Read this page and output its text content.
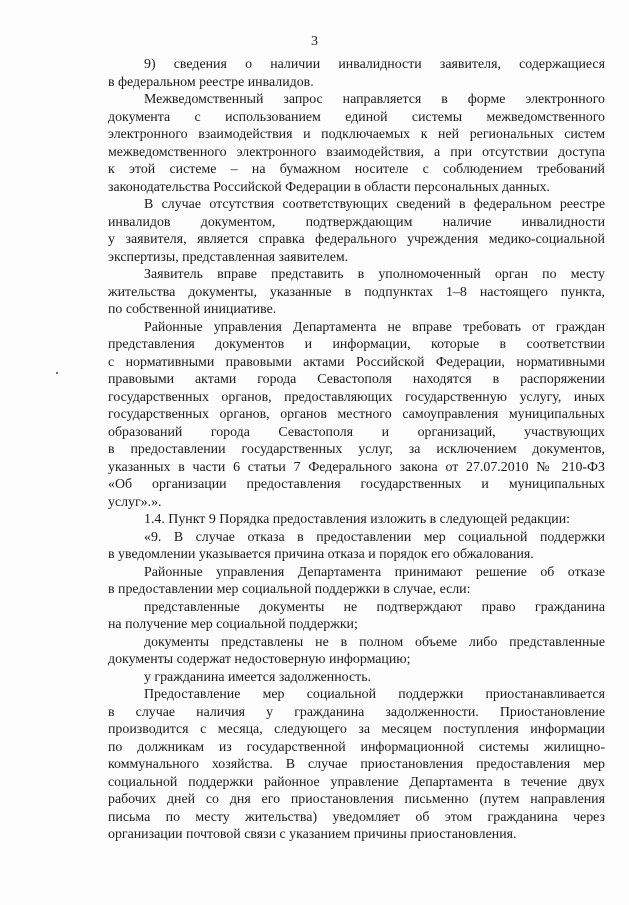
3
9) сведения о наличии инвалидности заявителя, содержащиеся
в федеральном реестре инвалидов.
Межведомственный запрос направляется в форме электронного
документа с использованием единой системы межведомственного
электронного взаимодействия и подключаемых к ней региональных систем
межведомственного электронного взаимодействия, а при отсутствии доступа
к этой системе – на бумажном носителе с соблюдением требований
законодательства Российской Федерации в области персональных данных.
В случае отсутствия соответствующих сведений в федеральном реестре
инвалидов документом, подтверждающим наличие инвалидности
у заявителя, является справка федерального учреждения медико-социальной
экспертизы, представленная заявителем.
Заявитель вправе представить в уполномоченный орган по месту
жительства документы, указанные в подпунктах 1–8 настоящего пункта,
по собственной инициативе.
Районные управления Департамента не вправе требовать от граждан
представления документов и информации, которые в соответствии
с нормативными правовыми актами Российской Федерации, нормативными
правовыми актами города Севастополя находятся в распоряжении
государственных органов, предоставляющих государственную услугу, иных
государственных органов, органов местного самоуправления муниципальных
образований города Севастополя и организаций, участвующих
в предоставлении государственных услуг, за исключением документов,
указанных в части 6 статьи 7 Федерального закона от 27.07.2010 № 210-ФЗ
«Об организации предоставления государственных и муниципальных
услуг».».
1.4. Пункт 9 Порядка предоставления изложить в следующей редакции:
«9. В случае отказа в предоставлении мер социальной поддержки
в уведомлении указывается причина отказа и порядок его обжалования.
Районные управления Департамента принимают решение об отказе
в предоставлении мер социальной поддержки в случае, если:
представленные документы не подтверждают право гражданина
на получение мер социальной поддержки;
документы представлены не в полном объеме либо представленные
документы содержат недостоверную информацию;
у гражданина имеется задолженность.
Предоставление мер социальной поддержки приостанавливается
в случае наличия у гражданина задолженности. Приостановление
производится с месяца, следующего за месяцем поступления информации
по должникам из государственной информационной системы жилищно-
коммунального хозяйства. В случае приостановления предоставления мер
социальной поддержки районное управление Департамента в течение двух
рабочих дней со дня его приостановления письменно (путем направления
письма по месту жительства) уведомляет об этом гражданина через
организации почтовой связи с указанием причины приостановления.
